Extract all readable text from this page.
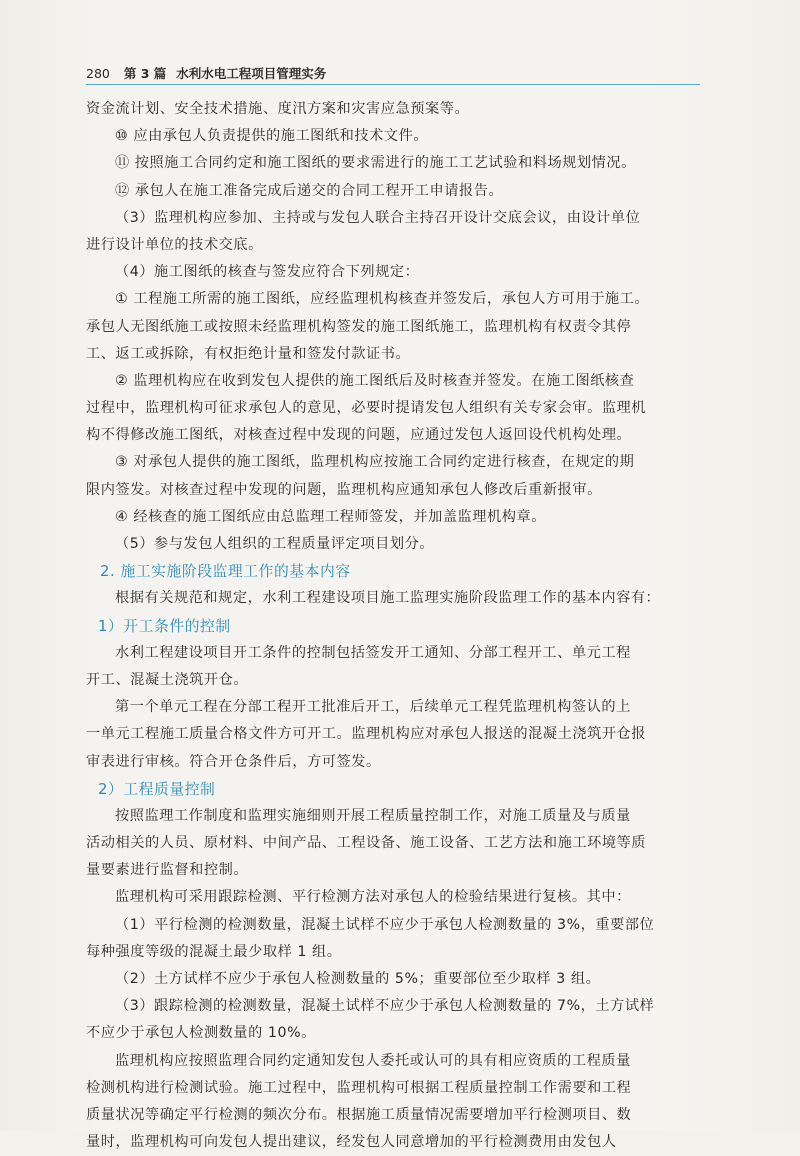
280 第 3 篇 水利水电工程项目管理实务
资金流计划、安全技术措施、度汛方案和灾害应急预案等。
⑩ 应由承包人负责提供的施工图纸和技术文件。
⑪ 按照施工合同约定和施工图纸的要求需进行的施工工艺试验和料场规划情况。
⑫ 承包人在施工准备完成后递交的合同工程开工申请报告。
（3）监理机构应参加、主持或与发包人联合主持召开设计交底会议，由设计单位
进行设计单位的技术交底。
（4）施工图纸的核查与签发应符合下列规定：
① 工程施工所需的施工图纸，应经监理机构核查并签发后，承包人方可用于施工。
承包人无图纸施工或按照未经监理机构签发的施工图纸施工，监理机构有权责令其停
工、返工或拆除，有权拒绝计量和签发付款证书。
② 监理机构应在收到发包人提供的施工图纸后及时核查并签发。在施工图纸核查
过程中，监理机构可征求承包人的意见，必要时提请发包人组织有关专家会审。监理机
构不得修改施工图纸，对核查过程中发现的问题，应通过发包人返回设代机构处理。
③ 对承包人提供的施工图纸，监理机构应按施工合同约定进行核查，在规定的期
限内签发。对核查过程中发现的问题，监理机构应通知承包人修改后重新报审。
④ 经核查的施工图纸应由总监理工程师签发，并加盖监理机构章。
（5）参与发包人组织的工程质量评定项目划分。
2. 施工实施阶段监理工作的基本内容
根据有关规范和规定，水利工程建设项目施工监理实施阶段监理工作的基本内容有：
1）开工条件的控制
水利工程建设项目开工条件的控制包括签发开工通知、分部工程开工、单元工程
开工、混凝土浇筑开仓。
第一个单元工程在分部工程开工批准后开工，后续单元工程凭监理机构签认的上
一单元工程施工质量合格文件方可开工。监理机构应对承包人报送的混凝土浇筑开仓报
审表进行审核。符合开仓条件后，方可签发。
2）工程质量控制
按照监理工作制度和监理实施细则开展工程质量控制工作，对施工质量及与质量
活动相关的人员、原材料、中间产品、工程设备、施工设备、工艺方法和施工环境等质
量要素进行监督和控制。
监理机构可采用跟踪检测、平行检测方法对承包人的检验结果进行复核。其中：
（1）平行检测的检测数量，混凝土试样不应少于承包人检测数量的 3%，重要部位
每种强度等级的混凝土最少取样 1 组。
（2）土方试样不应少于承包人检测数量的 5%；重要部位至少取样 3 组。
（3）跟踪检测的检测数量，混凝土试样不应少于承包人检测数量的 7%，土方试样
不应少于承包人检测数量的 10%。
监理机构应按照监理合同约定通知发包人委托或认可的具有相应资质的工程质量
检测机构进行检测试验。施工过程中，监理机构可根据工程质量控制工作需要和工程
质量状况等确定平行检测的频次分布。根据施工质量情况需要增加平行检测项目、数
量时，监理机构可向发包人提出建议，经发包人同意增加的平行检测费用由发包人
